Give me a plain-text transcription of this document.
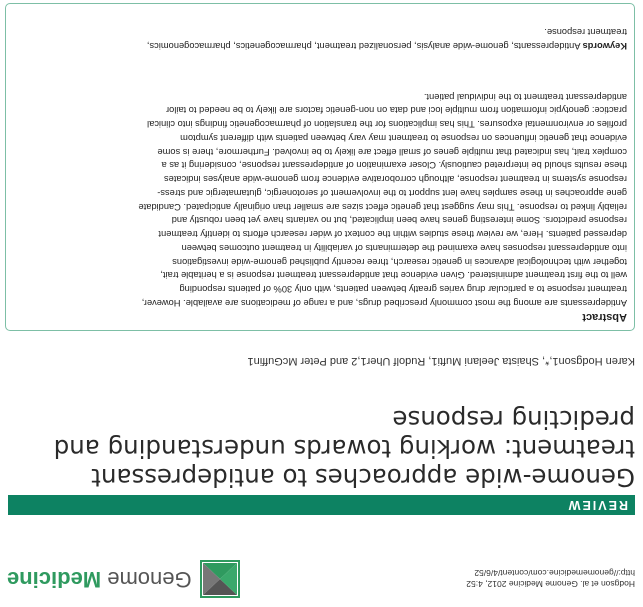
Hodgson et al. Genome Medicine 2012, 4:52
http://genomemedicine.com/content/4/6/52
Genome Medicine
REVIEW
Genome-wide approaches to antidepressant
treatment: working towards understanding and
predicting response
Karen Hodgson1,*, Shaista Jeelani Mufti1, Rudolf Uher1,2 and Peter McGuffin1
Abstract
Antidepressants are among the most commonly prescribed drugs, and a range of medications are available. However,
treatment response to a particular drug varies greatly between patients, with only 30% of patients responding
well to the first treatment administered. Given evidence that antidepressant treatment response is a heritable trait,
together with technological advances in genetic research, three recently published genome-wide investigations
into antidepressant responses have examined the determinants of variability in treatment outcomes between
depressed patients. Here, we review these studies within the context of wider research efforts to identify treatment
response predictors. Some interesting genes have been implicated, but no variants have yet been robustly and
reliably linked to response. This may suggest that genetic effect sizes are smaller than originally anticipated. Candidate
gene approaches in these samples have lent support to the involvement of serotonergic, glutamatergic and stress-
response systems in treatment response, although corroborative evidence from genome-wide analyses indicates
these results should be interpreted cautiously. Closer examination of antidepressant response, considering it as a
complex trait, has indicated that multiple genes of small effect are likely to be involved. Furthermore, there is some
evidence that genetic influences on response to treatment may vary between patients with different symptom
profiles or environmental exposures. This has implications for the translation of pharmacogenetic findings into clinical
practice: genotypic information from multiple loci and data on non-genetic factors are likely to be needed to tailor
antidepressant treatment to the individual patient.
Keywords Antidepressants, genome-wide analysis, personalized treatment, pharmacogenetics, pharmacogenomics,
treatment response.
